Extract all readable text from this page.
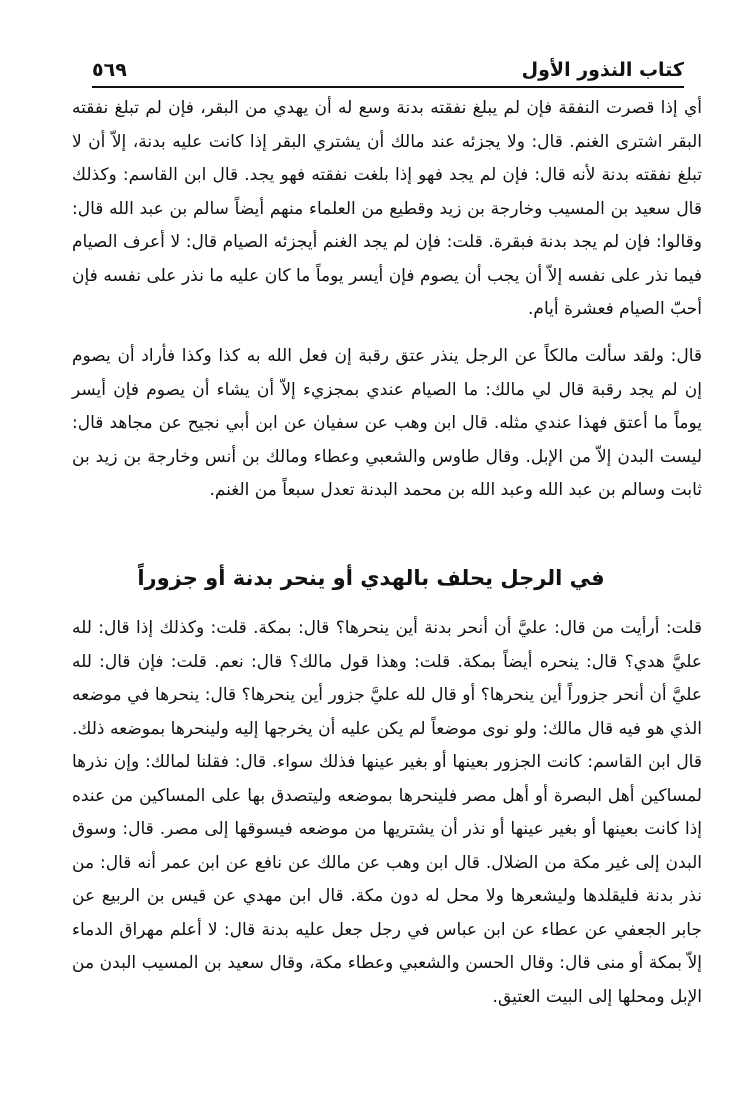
كتاب النذور الأول
٥٦٩

أي إذا قصرت النفقة فإن لم يبلغ نفقته بدنة وسع له أن يهدي من البقر، فإن لم تبلغ نفقته البقر اشترى الغنم. قال: ولا يجزئه عند مالك أن يشتري البقر إذا كانت عليه بدنة، إلاّ أن لا تبلغ نفقته بدنة لأنه قال: فإن لم يجد فهو إذا بلغت نفقته فهو يجد. قال ابن القاسم: وكذلك قال سعيد بن المسيب وخارجة بن زيد وقطيع من العلماء منهم أيضاً سالم بن عبد الله قال: وقالوا: فإن لم يجد بدنة فبقرة. قلت: فإن لم يجد الغنم أيجزئه الصيام قال: لا أعرف الصيام فيما نذر على نفسه إلاّ أن يجب أن يصوم فإن أيسر يوماً ما كان عليه ما نذر على نفسه فإن أحبّ الصيام فعشرة أيام.

قال: ولقد سألت مالكاً عن الرجل ينذر عتق رقبة إن فعل الله به كذا وكذا فأراد أن يصوم إن لم يجد رقبة قال لي مالك: ما الصيام عندي بمجزيء إلاّ أن يشاء أن يصوم فإن أيسر يوماً ما أعتق فهذا عندي مثله. قال ابن وهب عن سفيان عن ابن أبي نجيح عن مجاهد قال: ليست البدن إلاّ من الإبل. وقال طاوس والشعبي وعطاء ومالك بن أنس وخارجة بن زيد بن ثابت وسالم بن عبد الله وعبد الله بن محمد البدنة تعدل سبعاً من الغنم.

في الرجل يحلف بالهدي أو ينحر بدنة أو جزوراً

قلت: أرأيت من قال: عليَّ أن أنحر بدنة أين ينحرها؟ قال: بمكة. قلت: وكذلك إذا قال: لله عليَّ هدي؟ قال: ينحره أيضاً بمكة. قلت: وهذا قول مالك؟ قال: نعم. قلت: فإن قال: لله عليَّ أن أنحر جزوراً أين ينحرها؟ أو قال لله عليَّ جزور أين ينحرها؟ قال: ينحرها في موضعه الذي هو فيه قال مالك: ولو نوى موضعاً لم يكن عليه أن يخرجها إليه ولينحرها بموضعه ذلك. قال ابن القاسم: كانت الجزور بعينها أو بغير عينها فذلك سواء. قال: فقلنا لمالك: وإن نذرها لمساكين أهل البصرة أو أهل مصر فلينحرها بموضعه وليتصدق بها على المساكين من عنده إذا كانت بعينها أو بغير عينها أو نذر أن يشتريها من موضعه فيسوقها إلى مصر. قال: وسوق البدن إلى غير مكة من الضلال. قال ابن وهب عن مالك عن نافع عن ابن عمر أنه قال: من نذر بدنة فليقلدها وليشعرها ولا محل له دون مكة. قال ابن مهدي عن قيس بن الربيع عن جابر الجعفي عن عطاء عن ابن عباس في رجل جعل عليه بدنة قال: لا أعلم مهراق الدماء إلاّ بمكة أو منى قال: وقال الحسن والشعبي وعطاء مكة، وقال سعيد بن المسيب البدن من الإبل ومحلها إلى البيت العتيق.
